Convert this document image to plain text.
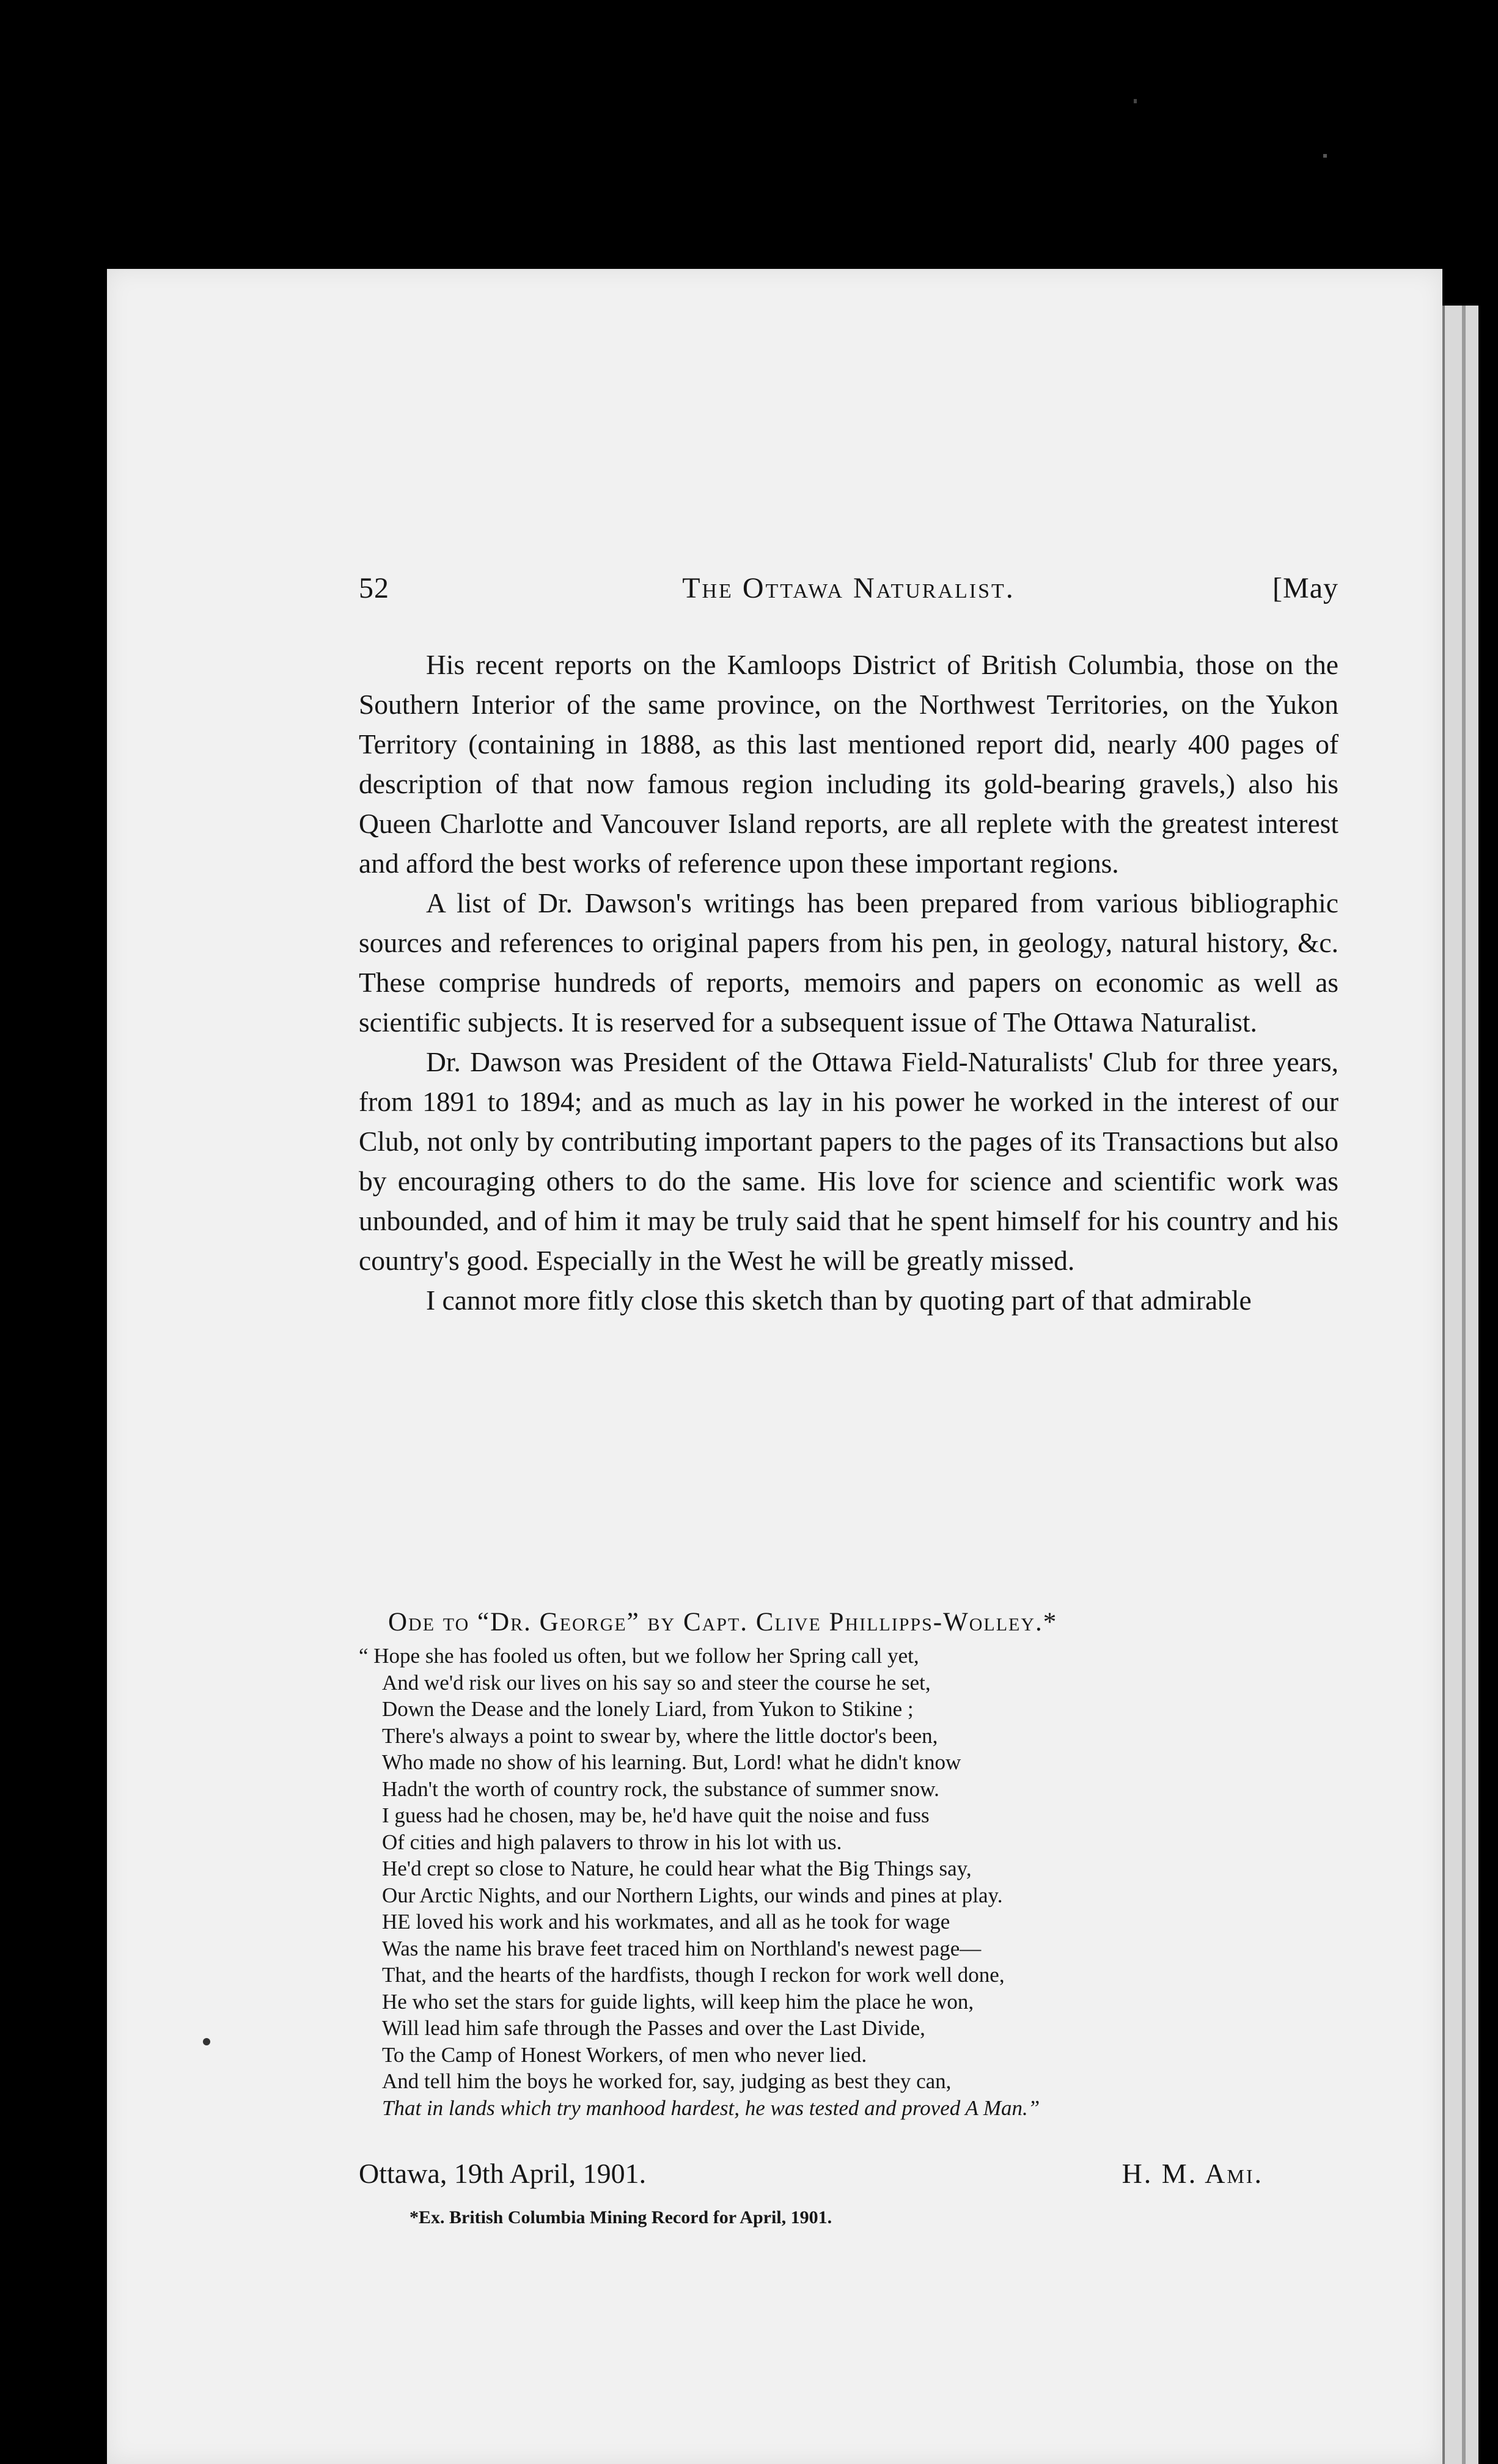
52	The Ottawa Naturalist.	[May

His recent reports on the Kamloops District of British Columbia, those on the Southern Interior of the same province, on the Northwest Territories, on the Yukon Territory (containing in 1888, as this last mentioned report did, nearly 400 pages of description of that now famous region including its gold-bearing gravels,) also his Queen Charlotte and Vancouver Island reports, are all replete with the greatest interest and afford the best works of reference upon these important regions.

A list of Dr. Dawson's writings has been prepared from various bibliographic sources and references to original papers from his pen, in geology, natural history, &c. These comprise hundreds of reports, memoirs and papers on economic as well as scientific subjects. It is reserved for a subsequent issue of The Ottawa Naturalist.

Dr. Dawson was President of the Ottawa Field-Naturalists' Club for three years, from 1891 to 1894; and as much as lay in his power he worked in the interest of our Club, not only by contributing important papers to the pages of its Transactions but also by encouraging others to do the same. His love for science and scientific work was unbounded, and of him it may be truly said that he spent himself for his country and his country's good. Especially in the West he will be greatly missed.

I cannot more fitly close this sketch than by quoting part of that admirable

Ode to “Dr. George” by Capt. Clive Phillipps-Wolley.*
“ Hope she has fooled us often, but we follow her Spring call yet,
And we'd risk our lives on his say so and steer the course he set,
Down the Dease and the lonely Liard, from Yukon to Stikine ;
There's always a point to swear by, where the little doctor's been,
Who made no show of his learning. But, Lord! what he didn't know
Hadn't the worth of country rock, the substance of summer snow.
I guess had he chosen, may be, he'd have quit the noise and fuss
Of cities and high palavers to throw in his lot with us.
He'd crept so close to Nature, he could hear what the Big Things say,
Our Arctic Nights, and our Northern Lights, our winds and pines at play.
HE loved his work and his workmates, and all as he took for wage
Was the name his brave feet traced him on Northland's newest page—
That, and the hearts of the hardfists, though I reckon for work well done,
He who set the stars for guide lights, will keep him the place he won,
Will lead him safe through the Passes and over the Last Divide,
To the Camp of Honest Workers, of men who never lied.
And tell him the boys he worked for, say, judging as best they can,
That in lands which try manhood hardest, he was tested and proved A Man.”
Ottawa, 19th April, 1901.	H. M. Ami.
*Ex. British Columbia Mining Record for April, 1901.
